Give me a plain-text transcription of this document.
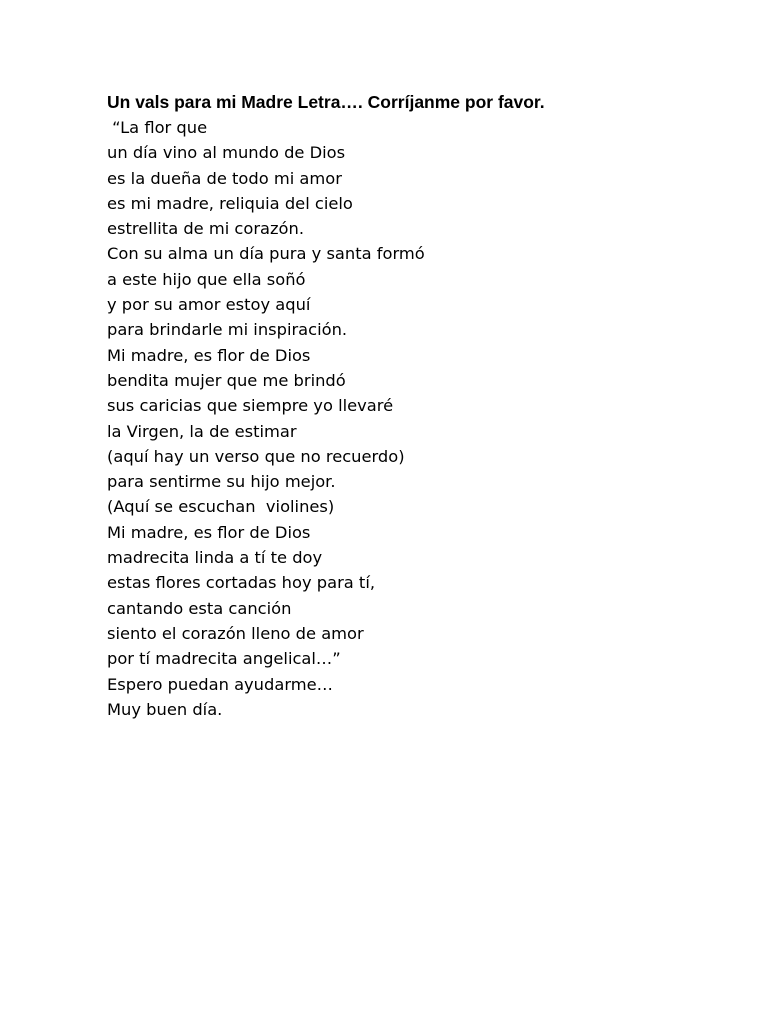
Un vals para mi Madre Letra…. Corríjanme por favor.
“La flor que
un día vino al mundo de Dios
es la dueña de todo mi amor
es mi madre, reliquia del cielo
estrellita de mi corazón.
Con su alma un día pura y santa formó
a este hijo que ella soñó
y por su amor estoy aquí
para brindarle mi inspiración.
Mi madre, es flor de Dios
bendita mujer que me brindó
sus caricias que siempre yo llevaré
la Virgen, la de estimar
(aquí hay un verso que no recuerdo)
para sentirme su hijo mejor.
(Aquí se escuchan  violines)
Mi madre, es flor de Dios
madrecita linda a tí te doy
estas flores cortadas hoy para tí,
cantando esta canción
siento el corazón lleno de amor
por tí madrecita angelical…”
Espero puedan ayudarme…
Muy buen día.
